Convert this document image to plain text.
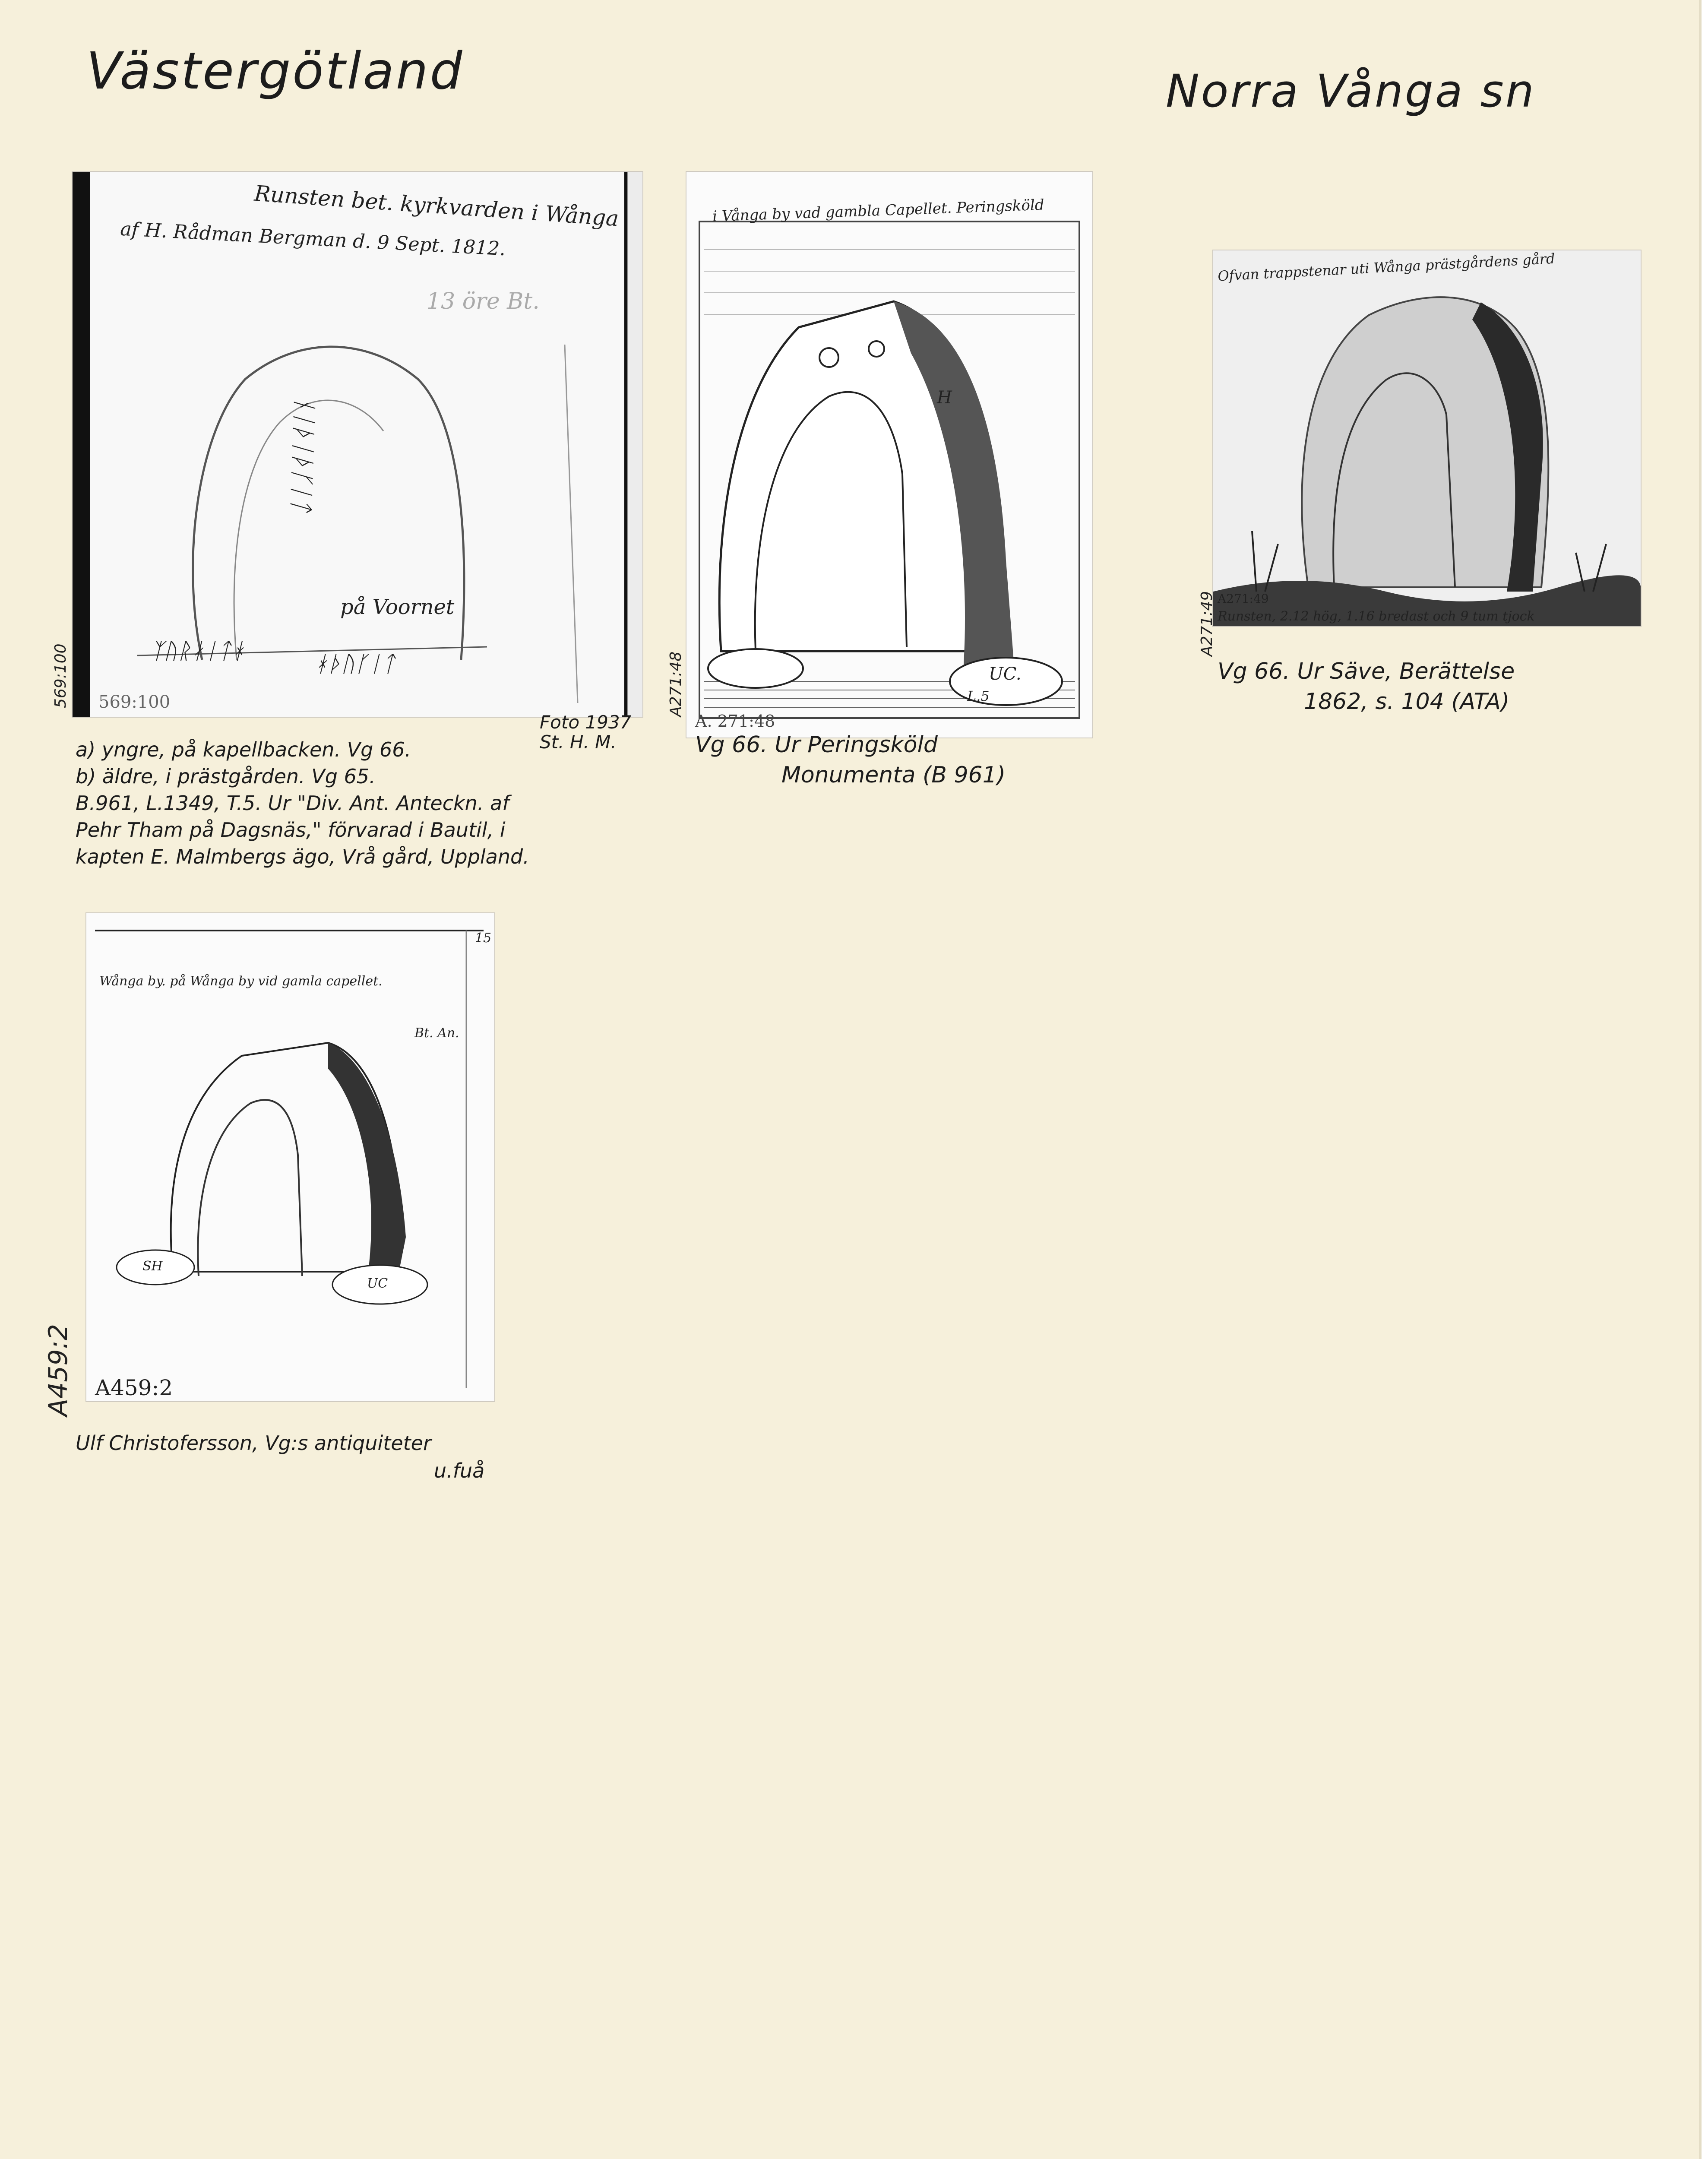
Västergötland	Norra Vånga sn
Runsten bet. kyrkvarden i Wånga
af H. Rådman Bergman d. 9 Sept. 1812.
13 öre Bt.
ᚾᛁᚦᛁᚦᚴᛁᛏ
på Voornet
ᛉᚢᚱᛅᛁᛏᚼ	ᚼᚦᚢᚴᛁᛏ
569:100
569:100
i Vånga by vad gambla Capellet. Peringsköld
H
UC.
L.5
A. 271:48
A271:48
Ofvan trappstenar uti Wånga prästgårdens gård
Runsten, 2.12 hög, 1.16 bredast och 9 tum tjock
A271:49
A271:49
Wånga by. på Wånga by vid gamla capellet.
Bt. An.
15
SH
UC
A459:2
A459:2
a) yngre, på kapellbacken. Vg 66.
b) äldre, i prästgården. Vg 65.
B.961, L.1349, T.5. Ur "Div. Ant. Anteckn. af
Pehr Tham på Dagsnäs," förvarad i Bautil, i
kapten E. Malmbergs ägo, Vrå gård, Uppland.
Foto 1937
St. H. M.	Vg 66. Ur Peringsköld
Monumenta (B 961)
Vg 66. Ur Säve, Berättelse
1862, s. 104 (ATA)
Ulf Christofersson, Vg:s antiquiteter
u.fuå
